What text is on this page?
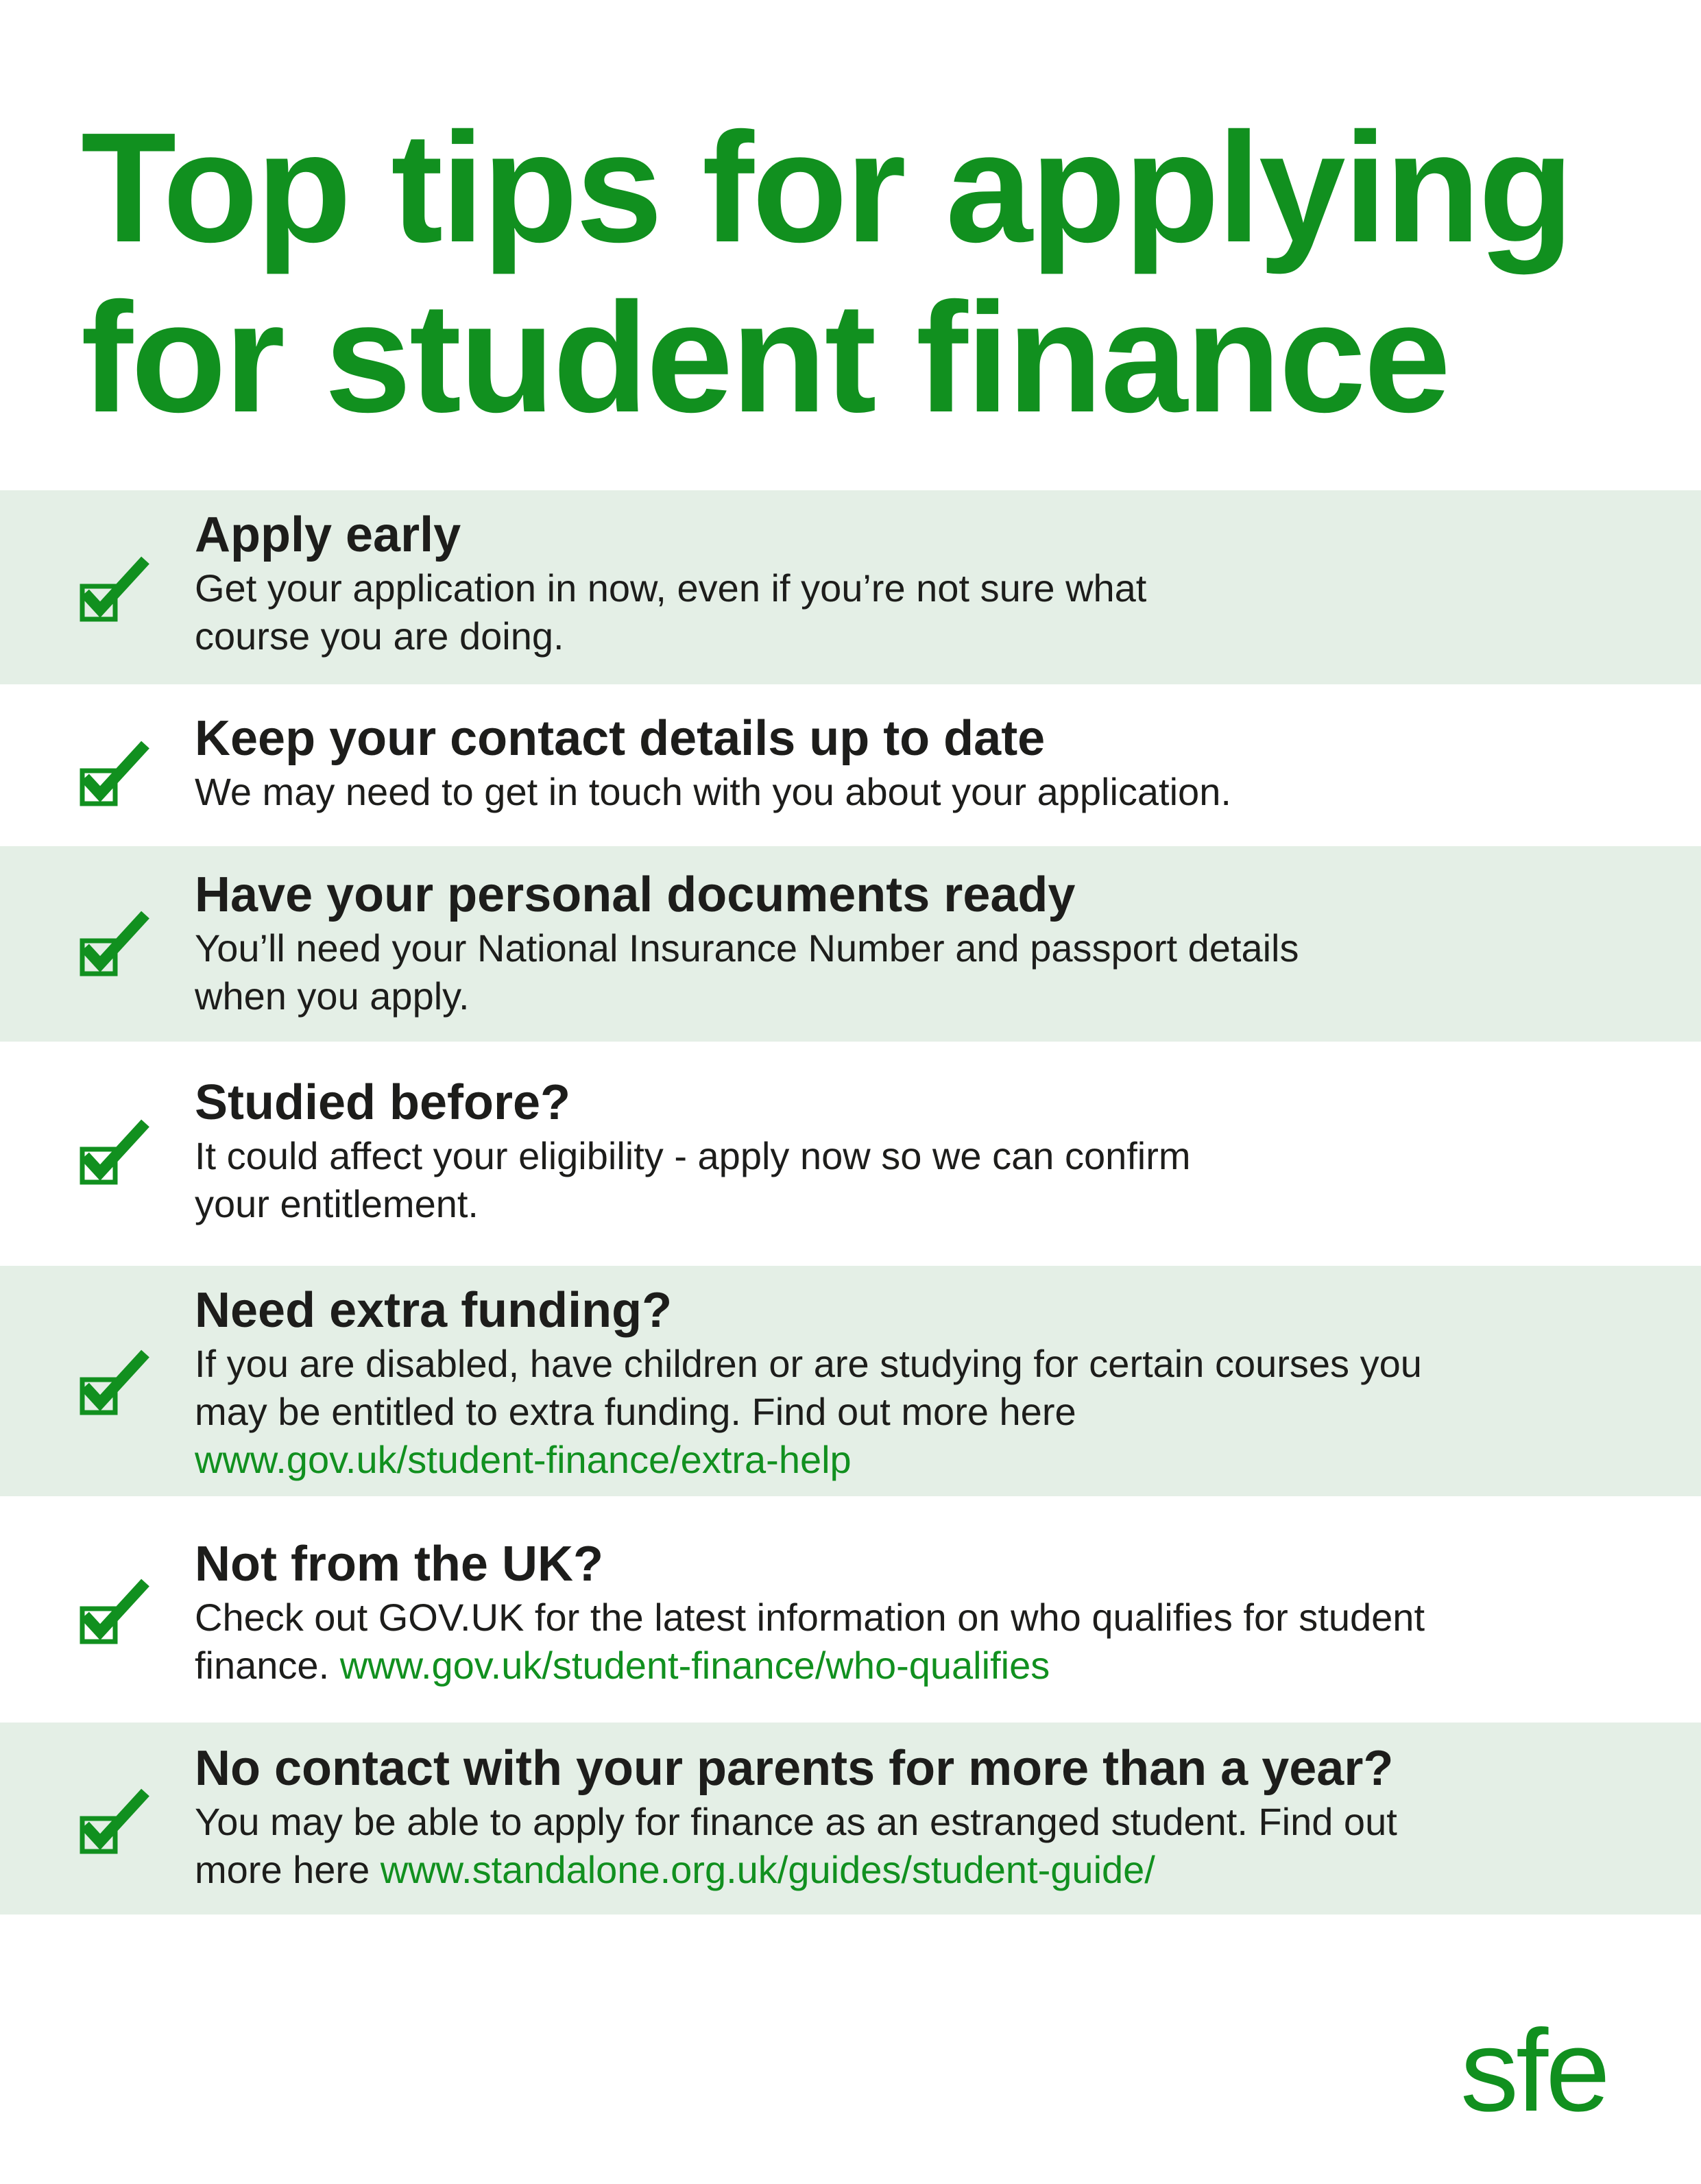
Top tips for applying
for student finance
Apply early
Get your application in now, even if you’re not sure what
course you are doing.
Keep your contact details up to date
We may need to get in touch with you about your application.
Have your personal documents ready
You’ll need your National Insurance Number and passport details
when you apply.
Studied before?
It could affect your eligibility - apply now so we can confirm
your entitlement.
Need extra funding?
If you are disabled, have children or are studying for certain courses you
may be entitled to extra funding. Find out more here
www.gov.uk/student-finance/extra-help
Not from the UK?
Check out GOV.UK for the latest information on who qualifies for student
finance. www.gov.uk/student-finance/who-qualifies
No contact with your parents for more than a year?
You may be able to apply for finance as an estranged student. Find out
more here www.standalone.org.uk/guides/student-guide/
sfe
